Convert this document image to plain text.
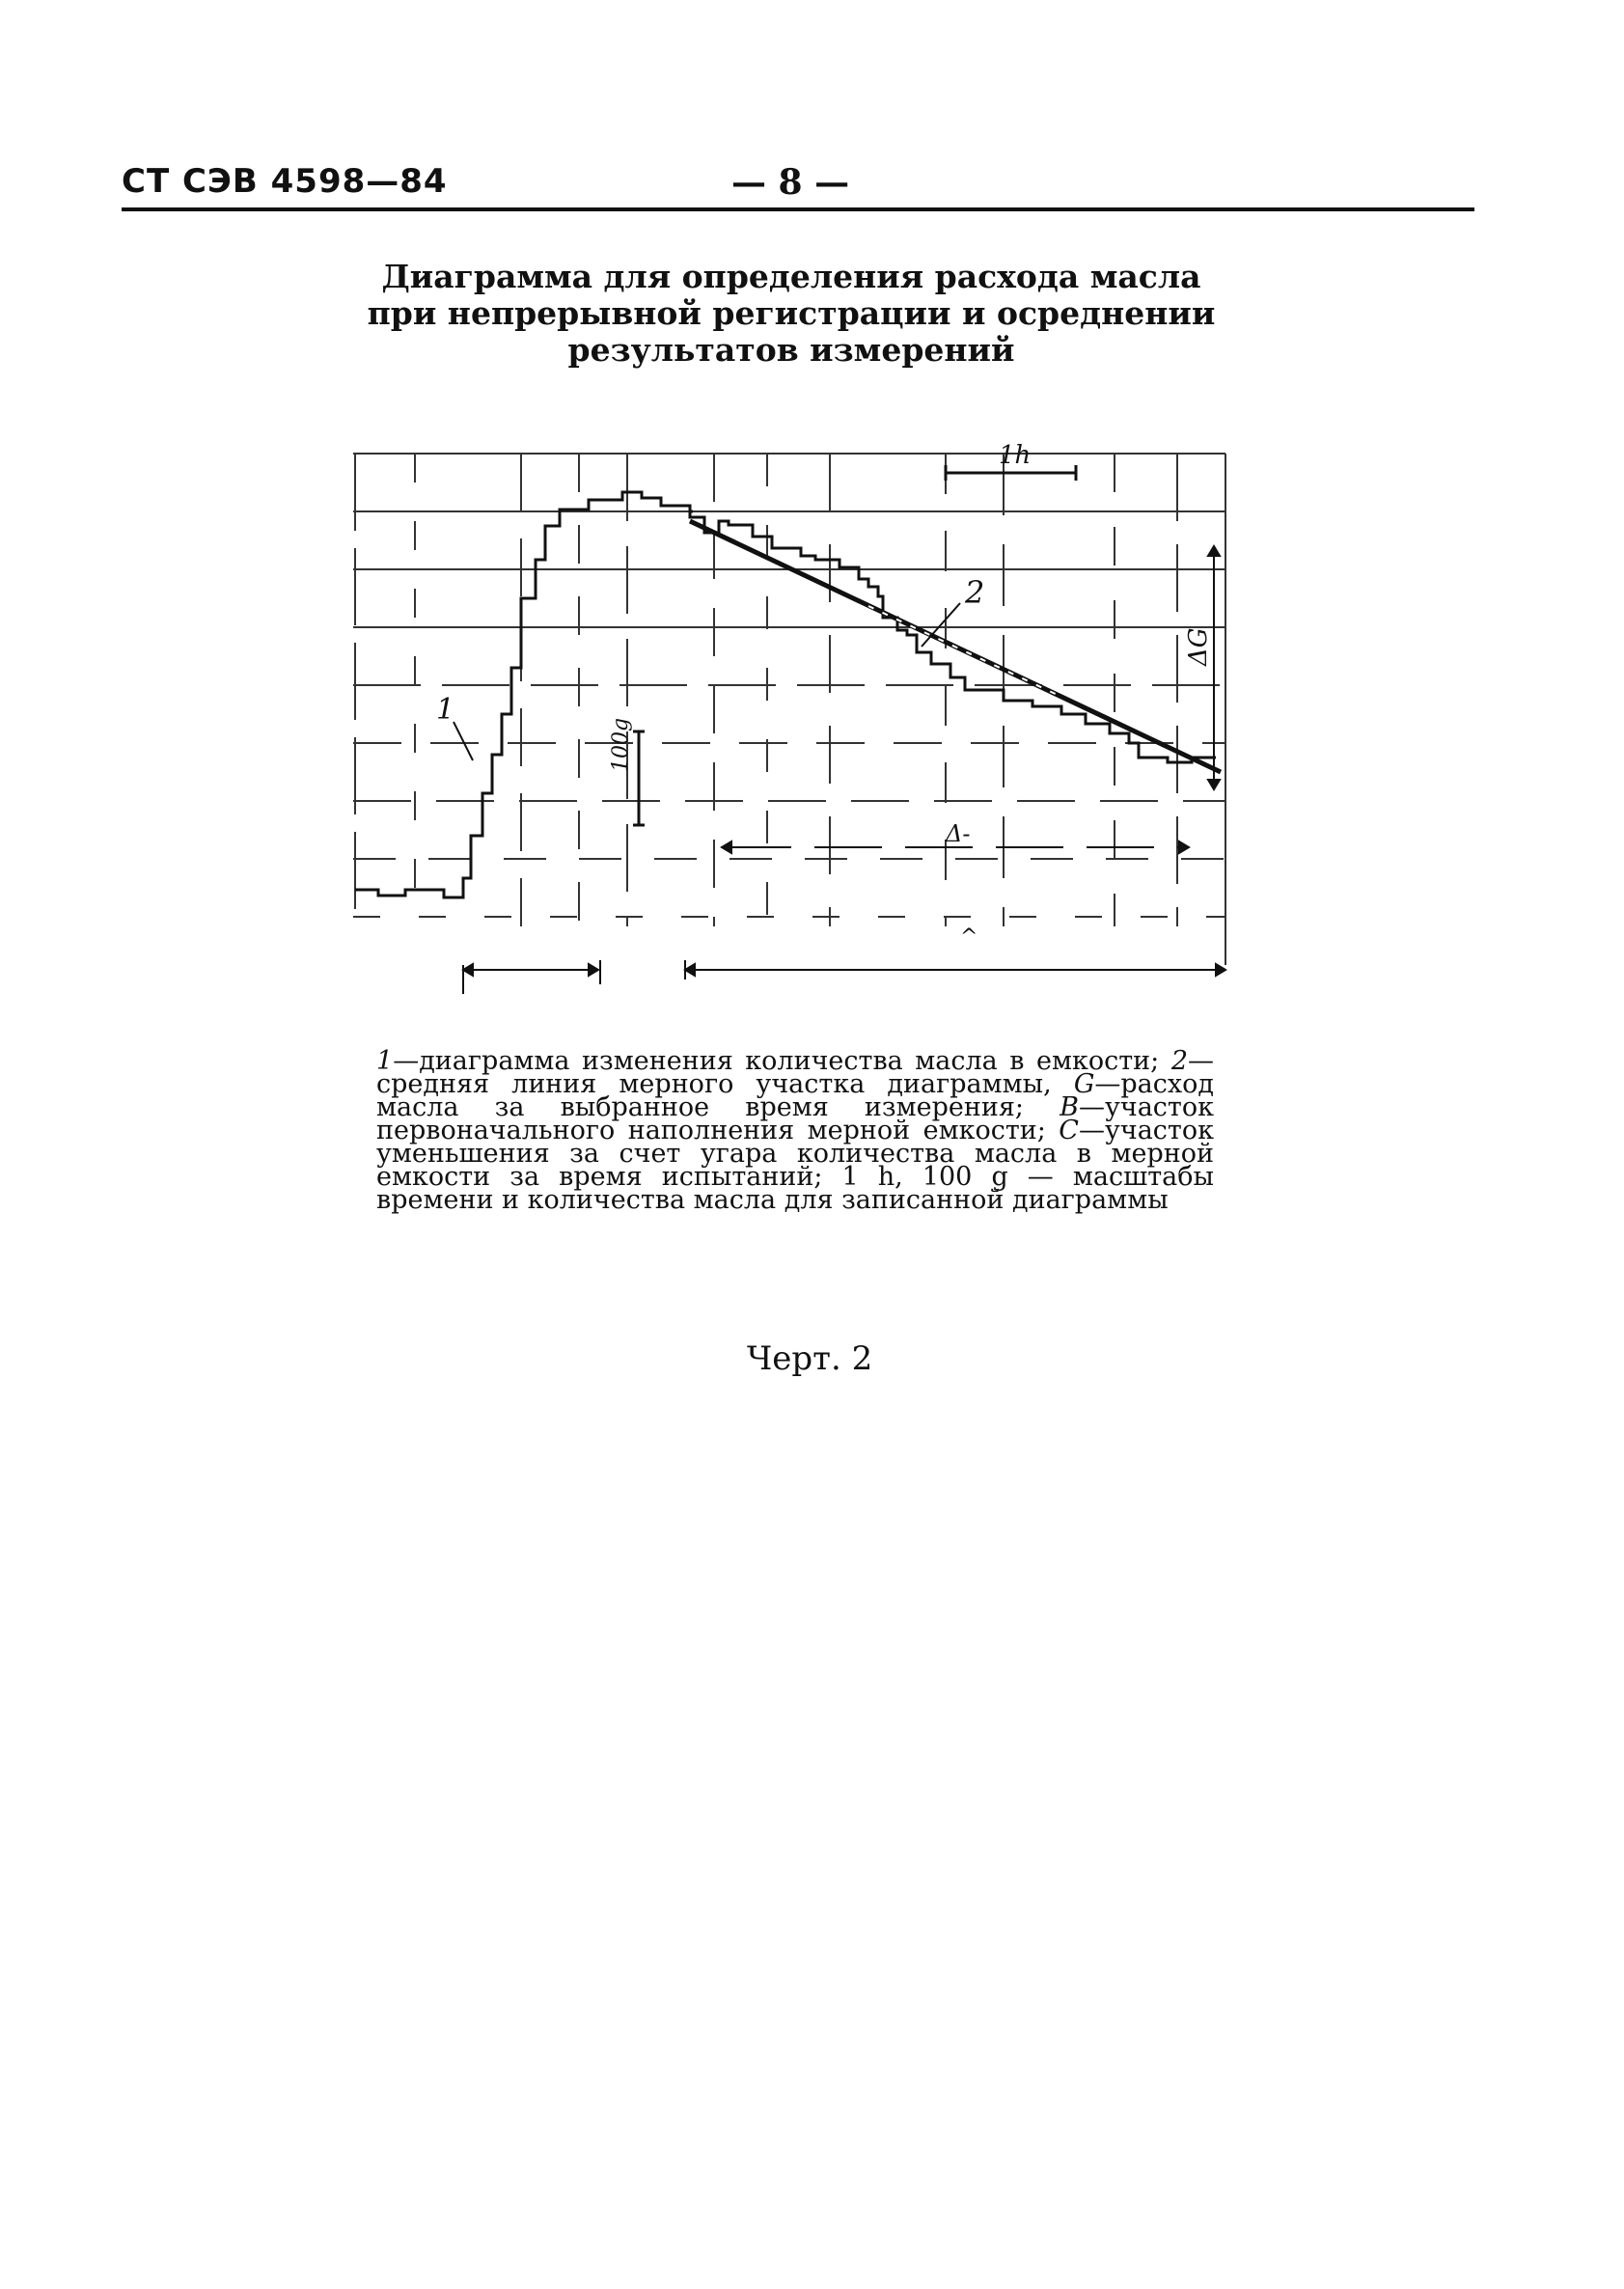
СТ СЭВ 4598—84	— 8 —
Диаграмма для определения расхода масла
при непрерывной регистрации и осреднении
результатов измерений
1h
ΔG
Δ-
^
100g
1
2
1—диаграмма изменения количества масла в емкости; 2—средняя линия мерного участка диаграммы, G—расход масла за выбранное время измерения; B—участок первоначального наполнения мерной емкости; C—участок уменьшения за счет угара количества масла в мерной емкости за время испытаний; 1 h, 100 g — масштабы времени и количества масла для записанной диаграммы
Черт. 2
